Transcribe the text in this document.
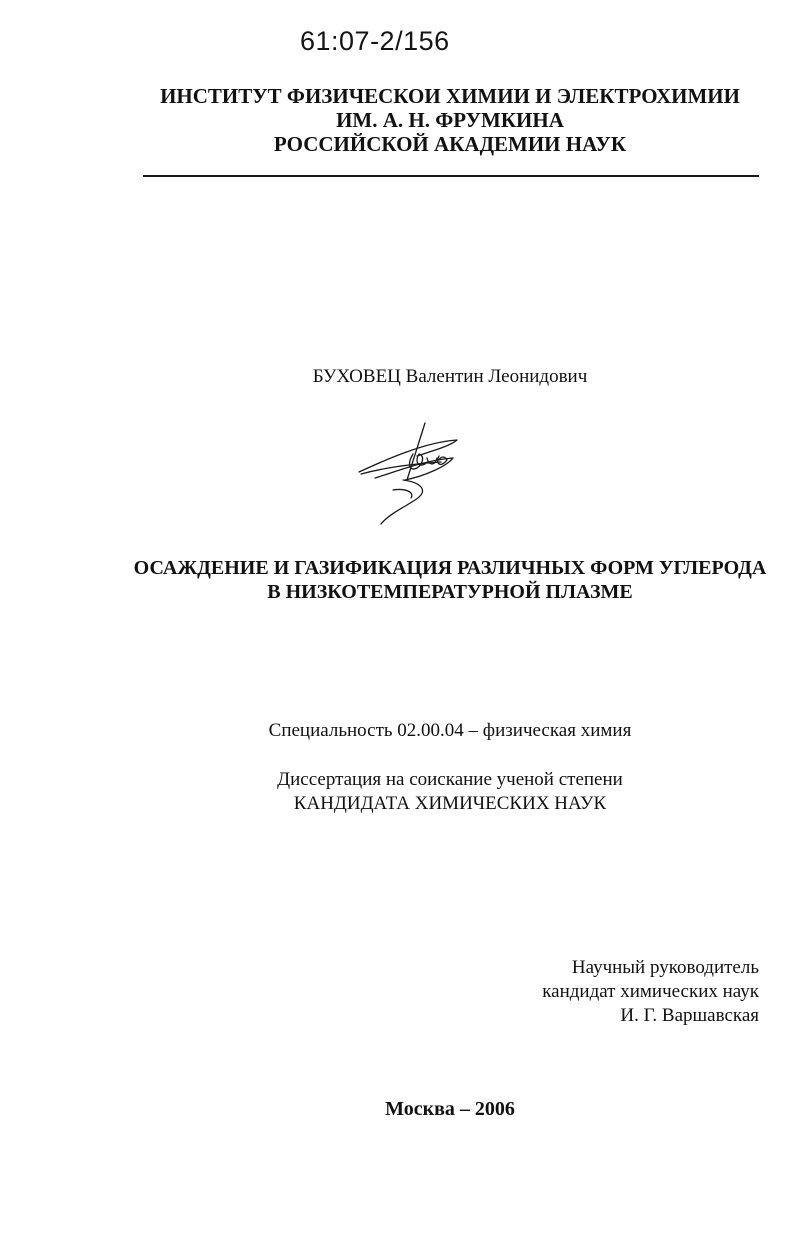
61:07-2/156
ИНСТИТУТ ФИЗИЧЕСКОИ ХИМИИ И ЭЛЕКТРОХИМИИ
ИМ. А. Н. ФРУМКИНА
РОССИЙСКОЙ АКАДЕМИИ НАУК
БУХОВЕЦ Валентин Леонидович
ОСАЖДЕНИЕ И ГАЗИФИКАЦИЯ РАЗЛИЧНЫХ ФОРМ УГЛЕРОДА
В НИЗКОТЕМПЕРАТУРНОЙ ПЛАЗМЕ
Специальность 02.00.04 – физическая химия
Диссертация на соискание ученой степени
КАНДИДАТА ХИМИЧЕСКИХ НАУК
Научный руководитель
кандидат химических наук
И. Г. Варшавская
Москва – 2006
